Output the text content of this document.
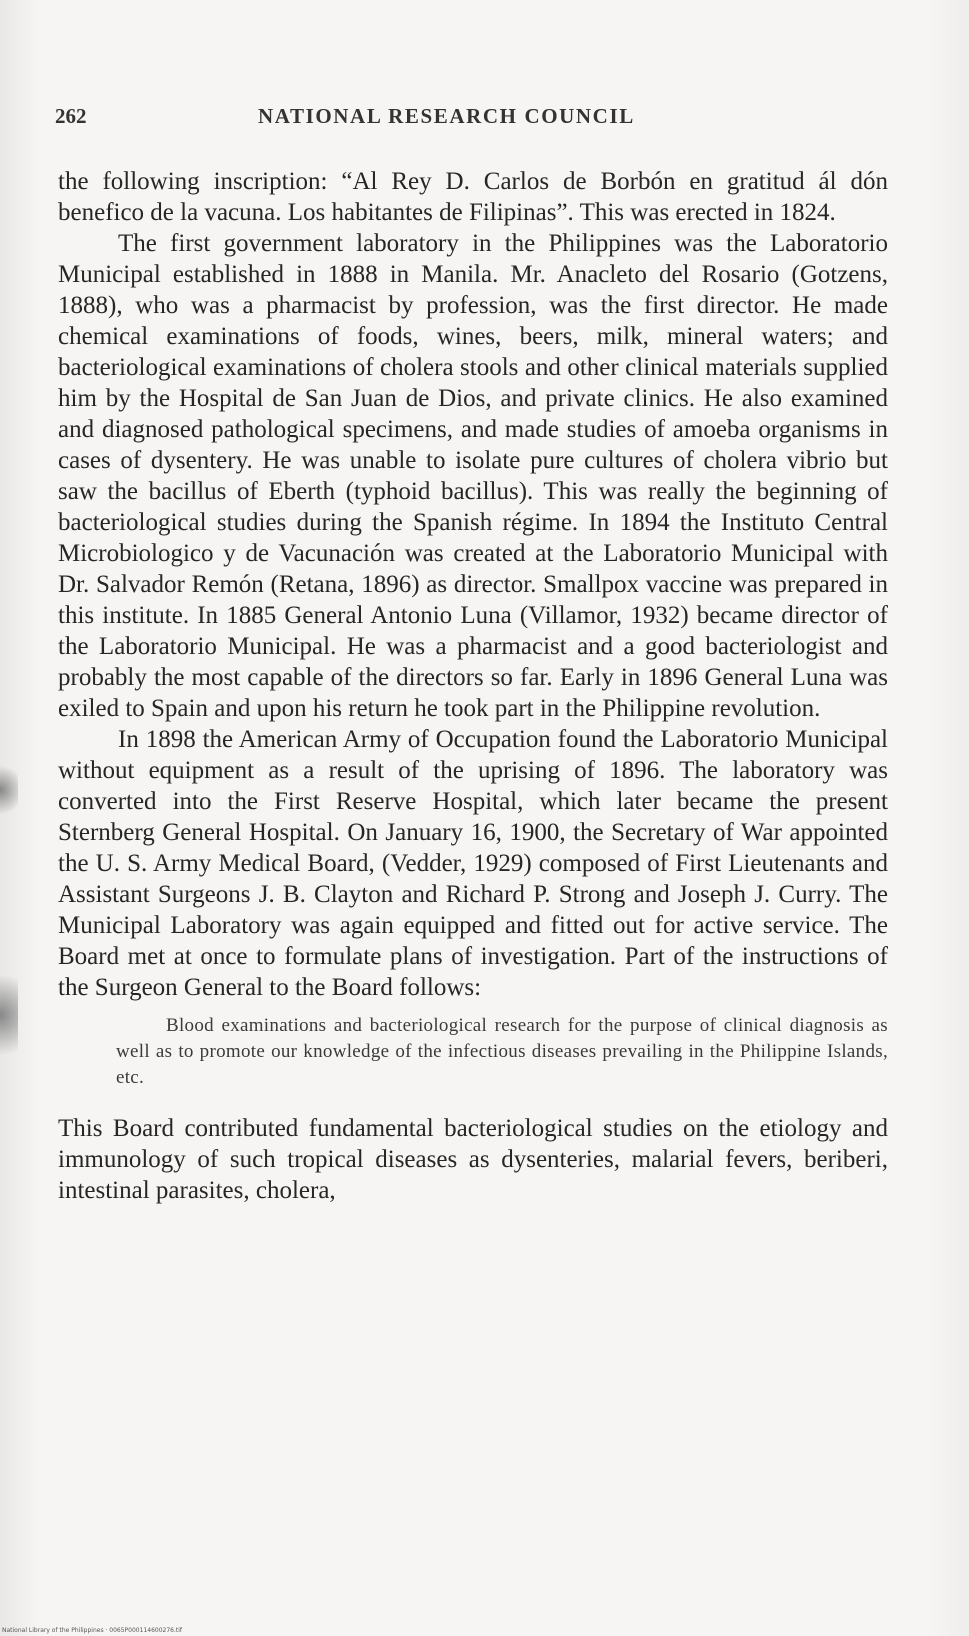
262	NATIONAL RESEARCH COUNCIL

the following inscription: “Al Rey D. Carlos de Borbón en gratitud ál dón benefico de la vacuna. Los habitantes de Filipinas”. This was erected in 1824.

The first government laboratory in the Philippines was the Laboratorio Municipal established in 1888 in Manila. Mr. Anacleto del Rosario (Gotzens, 1888), who was a pharmacist by profession, was the first director. He made chemical examinations of foods, wines, beers, milk, mineral waters; and bacteriological examinations of cholera stools and other clinical materials supplied him by the Hospital de San Juan de Dios, and private clinics. He also examined and diagnosed pathological specimens, and made studies of amoeba organisms in cases of dysentery. He was unable to isolate pure cultures of cholera vibrio but saw the bacillus of Eberth (typhoid bacillus). This was really the beginning of bacteriological studies during the Spanish régime. In 1894 the Instituto Central Microbiologico y de Vacunación was created at the Laboratorio Municipal with Dr. Salvador Remón (Retana, 1896) as director. Smallpox vaccine was prepared in this institute. In 1885 General Antonio Luna (Villamor, 1932) became director of the Laboratorio Municipal. He was a pharmacist and a good bacteriologist and probably the most capable of the directors so far. Early in 1896 General Luna was exiled to Spain and upon his return he took part in the Philippine revolution.

In 1898 the American Army of Occupation found the Laboratorio Municipal without equipment as a result of the uprising of 1896. The laboratory was converted into the First Reserve Hospital, which later became the present Sternberg General Hospital. On January 16, 1900, the Secretary of War appointed the U. S. Army Medical Board, (Vedder, 1929) composed of First Lieutenants and Assistant Surgeons J. B. Clayton and Richard P. Strong and Joseph J. Curry. The Municipal Laboratory was again equipped and fitted out for active service. The Board met at once to formulate plans of investigation. Part of the instructions of the Surgeon General to the Board follows:

Blood examinations and bacteriological research for the purpose of clinical diagnosis as well as to promote our knowledge of the infectious diseases prevailing in the Philippine Islands, etc.

This Board contributed fundamental bacteriological studies on the etiology and immunology of such tropical diseases as dysenteries, malarial fevers, beriberi, intestinal parasites, cholera,

National Library of the Philippines · 0065P000114600276.tif
